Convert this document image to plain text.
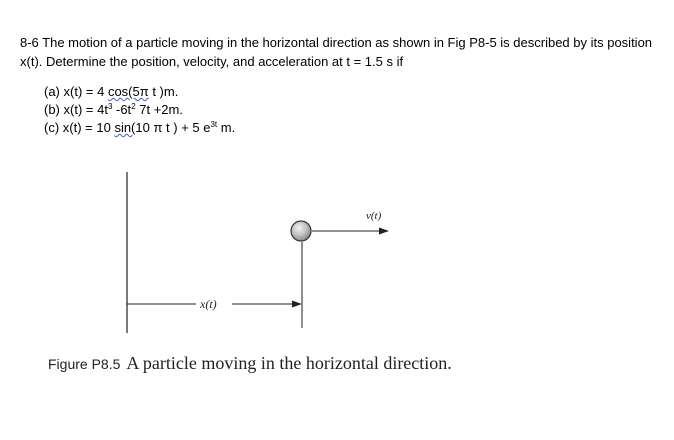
8-6 The motion of a particle moving in the horizontal direction as shown in Fig P8-5 is described by its position x(t). Determine the position, velocity, and acceleration at t = 1.5 s if
(a) x(t) = 4 cos(5π t )m.
(b) $x(t) = 4t^3$ $-6t^2$ 7t +2m.
(c) x(t) = 10 sin(10 π t ) + 5 $e^{3t}$ m.
v(t)
x(t)
Figure P8.5 A particle moving in the horizontal direction.
